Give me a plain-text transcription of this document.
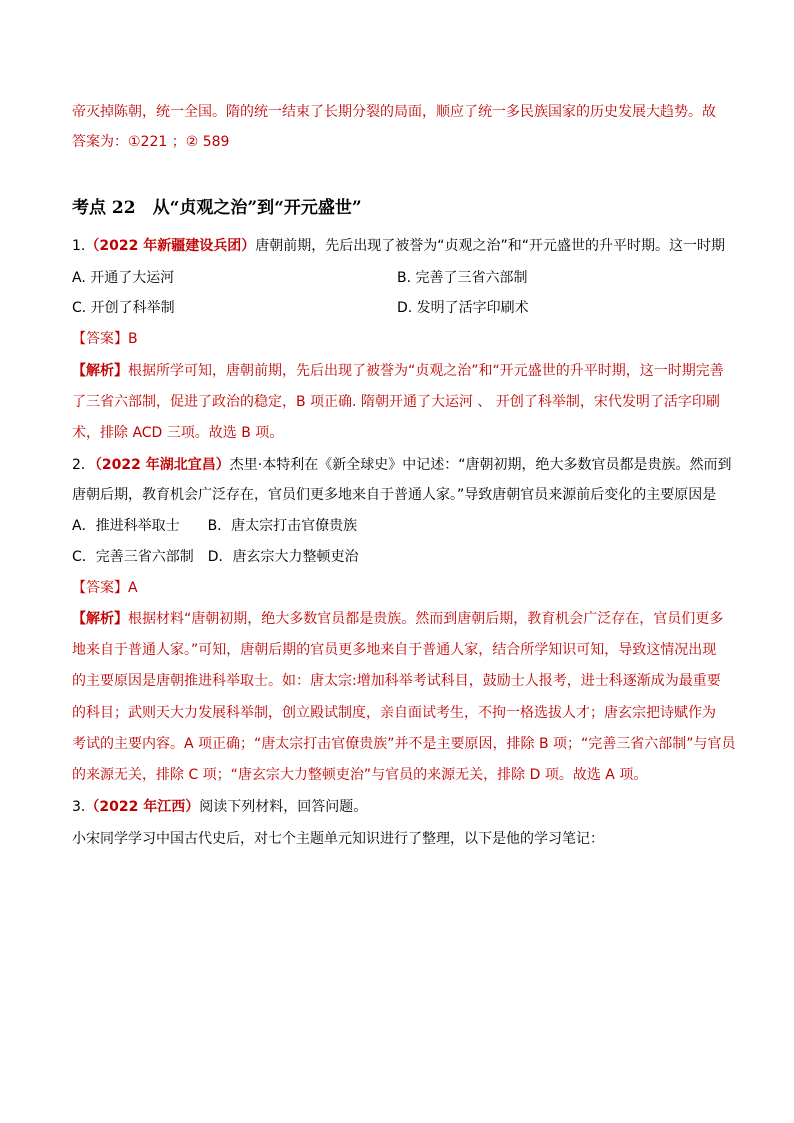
帝灭掉陈朝，统一全国。隋的统一结束了长期分裂的局面，顺应了统一多民族国家的历史发展大趋势。故
答案为：①221 ；② 589
考点 22　从“贞观之治”到“开元盛世”
1.（2022 年新疆建设兵团）唐朝前期，先后出现了被誉为“贞观之治”和“开元盛世的升平时期。这一时期
A. 开通了大运河	B. 完善了三省六部制
C. 开创了科举制	D. 发明了活字印刷术
【答案】B
【解析】根据所学可知，唐朝前期，先后出现了被誉为“贞观之治”和“开元盛世的升平时期，这一时期完善
了三省六部制，促进了政治的稳定，B 项正确. 隋朝开通了大运河 、 开创了科举制，宋代发明了活字印刷
术，排除 ACD 三项。故选 B 项。
2．（2022 年湖北宜昌）杰里·本特利在《新全球史》中记述：“唐朝初期，绝大多数官员都是贵族。然而到
唐朝后期，教育机会广泛存在，官员们更多地来自于普通人家。”导致唐朝官员来源前后变化的主要原因是
A．推进科举取士　　B．唐太宗打击官僚贵族
C．完善三省六部制　D．唐玄宗大力整顿吏治
【答案】A
【解析】根据材料“唐朝初期，绝大多数官员都是贵族。然而到唐朝后期，教育机会广泛存在，官员们更多
地来自于普通人家。”可知，唐朝后期的官员更多地来自于普通人家，结合所学知识可知，导致这情况出现
的主要原因是唐朝推进科举取士。如：唐太宗:增加科举考试科目，鼓励士人报考，进士科逐渐成为最重要
的科目；武则天大力发展科举制，创立殿试制度，亲自面试考生，不拘一格选拔人才；唐玄宗把诗赋作为
考试的主要内容。A 项正确；“唐太宗打击官僚贵族”并不是主要原因，排除 B 项；“完善三省六部制”与官员
的来源无关，排除 C 项；“唐玄宗大力整顿吏治”与官员的来源无关，排除 D 项。故选 A 项。
3.（2022 年江西）阅读下列材料，回答问题。
小宋同学学习中国古代史后，对七个主题单元知识进行了整理，以下是他的学习笔记：
